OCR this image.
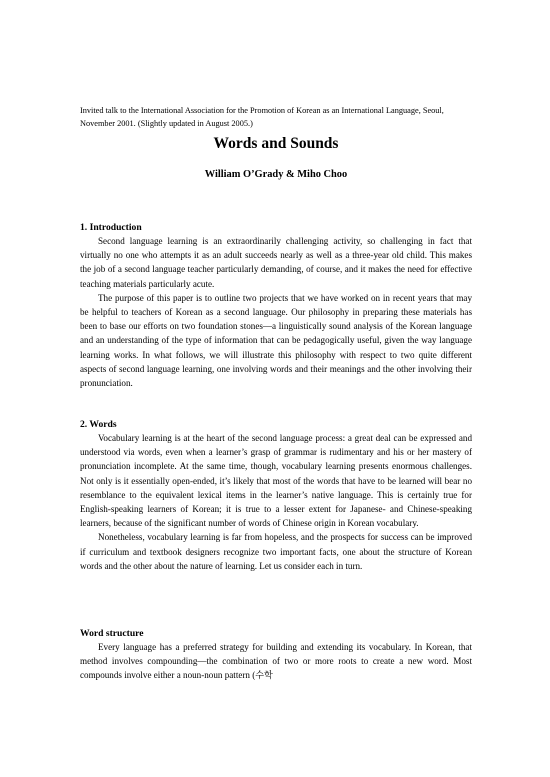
Invited talk to the International Association for the Promotion of Korean as an International Language, Seoul, November 2001. (Slightly updated in August 2005.)

Words and Sounds
William O’Grady & Miho Choo

1. Introduction

Second language learning is an extraordinarily challenging activity, so challenging in fact that virtually no one who attempts it as an adult succeeds nearly as well as a three-year old child. This makes the job of a second language teacher particularly demanding, of course, and it makes the need for effective teaching materials particularly acute.

The purpose of this paper is to outline two projects that we have worked on in recent years that may be helpful to teachers of Korean as a second language. Our philosophy in preparing these materials has been to base our efforts on two foundation stones—a linguistically sound analysis of the Korean language and an understanding of the type of information that can be pedagogically useful, given the way language learning works. In what follows, we will illustrate this philosophy with respect to two quite different aspects of second language learning, one involving words and their meanings and the other involving their pronunciation.

2. Words

Vocabulary learning is at the heart of the second language process: a great deal can be expressed and understood via words, even when a learner’s grasp of grammar is rudimentary and his or her mastery of pronunciation incomplete. At the same time, though, vocabulary learning presents enormous challenges. Not only is it essentially open-ended, it’s likely that most of the words that have to be learned will bear no resemblance to the equivalent lexical items in the learner’s native language. This is certainly true for English-speaking learners of Korean; it is true to a lesser extent for Japanese- and Chinese-speaking learners, because of the significant number of words of Chinese origin in Korean vocabulary.

Nonetheless, vocabulary learning is far from hopeless, and the prospects for success can be improved if curriculum and textbook designers recognize two important facts, one about the structure of Korean words and the other about the nature of learning. Let us consider each in turn.

Word structure

Every language has a preferred strategy for building and extending its vocabulary. In Korean, that method involves compounding—the combination of two or more roots to create a new word. Most compounds involve either a noun-noun pattern (수학
